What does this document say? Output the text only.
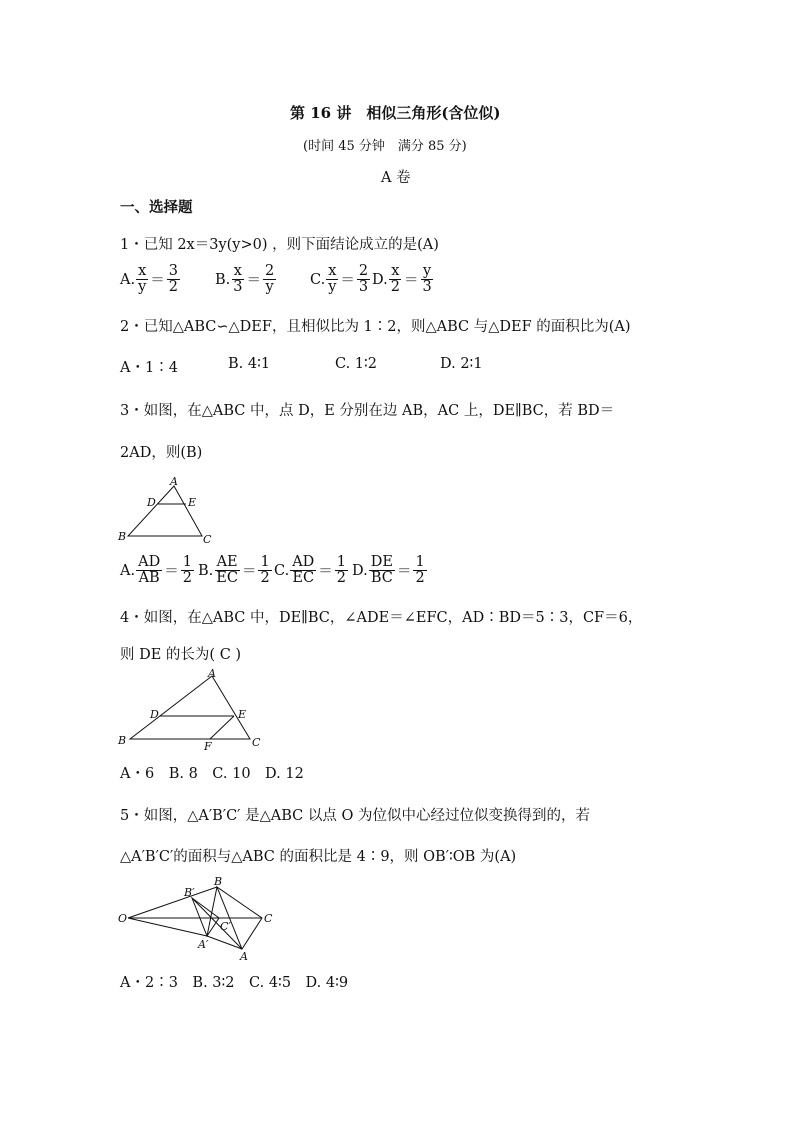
第 16 讲　相似三角形(含位似)
(时间 45 分钟　满分 85 分)
A 卷
一、选择题
1・已知 2x＝3y(y>0) ，则下面结论成立的是(A)
A. $\frac{x}{y} = \frac{3}{2} B$. $\frac{x}{3} = \frac{2}{y} C$. $\frac{x}{y} = \frac{2}{3} D$. $\frac{x}{2} = \frac{y}{3}$
2・已知△ABC∽△DEF，且相似比为 1∶2，则△ABC 与△DEF 的面积比为(A)
A・1∶4	B. 4∶1	C. 1∶2	D. 2∶1
3・如图，在△ABC 中，点 D，E 分别在边 AB，AC 上，DE∥BC，若 BD＝
2AD，则(B)
A
D	E
B	C
A. $\frac{AD}{AB} = \frac{1}{2} B$. $\frac{AE}{EC} = \frac{1}{2} C$. $\frac{AD}{EC} = \frac{1}{2} D$. $\frac{DE}{BC} = \frac{1}{2}$
4・如图，在△ABC 中，DE∥BC，∠ADE＝∠EFC，AD∶BD＝5∶3，CF＝6，
则 DE 的长为( C )
A
D	E
B	F	C
A・6　B. 8　C. 10　D. 12
5・如图，△A′B′C′ 是△ABC 以点 O 为位似中心经过位似变换得到的，若
△A′B′C′的面积与△ABC 的面积比是 4∶9，则 OB′∶OB 为(A)
O
B
B′
C
C′
A′
A
A・2∶3　B. 3∶2　C. 4∶5　D. 4∶9
